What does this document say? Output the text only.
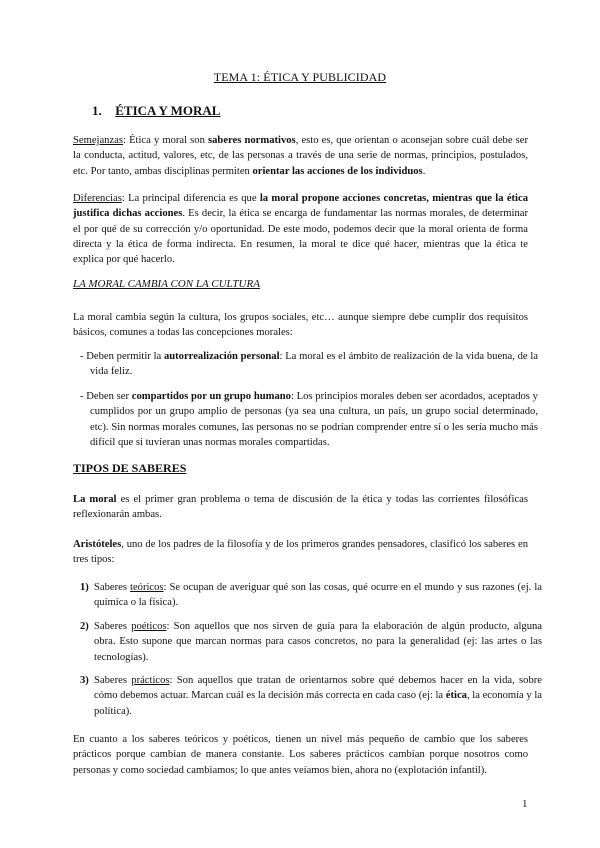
TEMA 1: ÉTICA Y PUBLICIDAD
1. ÉTICA Y MORAL
Semejanzas: Ética y moral son saberes normativos, esto es, que orientan o aconsejan sobre cuál debe ser la conducta, actitud, valores, etc, de las personas a través de una serie de normas, principios, postulados, etc. Por tanto, ambas disciplinas permiten orientar las acciones de los individuos.
Diferencias: La principal diferencia es que la moral propone acciones concretas, mientras que la ética justifica dichas acciones. Es decir, la ética se encarga de fundamentar las normas morales, de determinar el por qué de su corrección y/o oportunidad. De este modo, podemos decir que la moral orienta de forma directa y la ética de forma indirecta. En resumen, la moral te dice qué hacer, mientras que la ética te explica por qué hacerlo.
LA MORAL CAMBIA CON LA CULTURA
La moral cambia según la cultura, los grupos sociales, etc… aunque siempre debe cumplir dos requisitos básicos, comunes a todas las concepciones morales:
- Deben permitir la autorrealización personal: La moral es el ámbito de realización de la vida buena, de la vida feliz.
- Deben ser compartidos por un grupo humano: Los principios morales deben ser acordados, aceptados y cumplidos por un grupo amplio de personas (ya sea una cultura, un país, un grupo social determinado, etc). Sin normas morales comunes, las personas no se podrían comprender entre sí o les sería mucho más difícil que si tuvieran unas normas morales compartidas.
TIPOS DE SABERES
La moral es el primer gran problema o tema de discusión de la ética y todas las corrientes filosóficas reflexionarán ambas.
Aristóteles, uno de los padres de la filosofía y de los primeros grandes pensadores, clasificó los saberes en tres tipos:
1) Saberes teóricos: Se ocupan de averiguar qué son las cosas, qué ocurre en el mundo y sus razones (ej. la química o la física).
2) Saberes poéticos: Son aquellos que nos sirven de guía para la elaboración de algún producto, alguna obra. Esto supone que marcan normas para casos concretos, no para la generalidad (ej: las artes o las tecnologías).
3) Saberes prácticos: Son aquellos que tratan de orientarnos sobre qué debemos hacer en la vida, sobre cómo debemos actuar. Marcan cuál es la decisión más correcta en cada caso (ej: la ética, la economía y la política).
En cuanto a los saberes teóricos y poéticos, tienen un nivel más pequeño de cambio que los saberes prácticos porque cambian de manera constante. Los saberes prácticos cambian porque nosotros como personas y como sociedad cambiamos; lo que antes veíamos bien, ahora no (explotación infantil).
1
